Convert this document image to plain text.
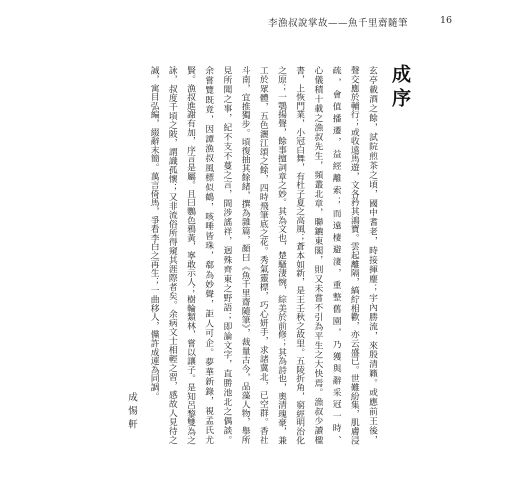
李漁叔說掌故——魚千里齋隨筆	16
成序
玄亭載酒之餘，試院煎茶之頃，國中耆老，時接揮麈；宇內勝流，來殷清籟。或應前王後，
聲交應於輔行；或收遠馬遊，文各矜其鴻寶。雲起離隔，縞紵相歡，亦云盛已。世難紛集，肌膚浸
疏，會值播遷，益經離索；而遠棲避淒，重整舊園，乃獲與辭采冠一時、
心儀積十載之漁叔先生，頻叢北章，聯鑣東閣，則又未嘗不引為平生之大快焉。漁叔少讀楹
書，上恢門業，小冠白舞，有杜子夏之高風；蒼本如新，是王壬秋之故里。五陵折角，窮經明治化
之原；一鶚揚聲，餘事擅詞章之妙。其為文也，楚騷淒惋，綜美於前修；其為詩也，奧清瑰豪，兼
工於眾體，五色灑江頌之餘，四時飛筆底之花。秀氣靈標，巧心妍手，求諸冀北，已空群。香社
斗南，宜推獨步。頃復抽其餘緒，撰為雜篇，顏曰《魚千里齋隨筆》，裁量古今，品藻人物，舉所
見所聞之事，紀不支不蔓之言，間涉謠祥，迥殊齊東之野語；即論文字，直勝池北之偶談。
余嘗覽既竟，因譚漁叔風標似鶴，咳唾皆珠，郗為妙聲，詎人可企。夢華新錄，視孟氏尤
賢。漁叔進謝有加，序言是屬。且曰鸚色鴉黃，寧敢示人；樹輪類林，嘗以讓子。是知呂黎雙為之
詠，叔度千頃之陂，謂識孤懷；又非流俗所得窺其涯際者矣。余病文士相輕之習，感故人見待之
誠，寓目弘編，綴辭末簡。萬言倚馬，爭看李白之再生；一曲移人，儻許成連為同調。
成惕軒
